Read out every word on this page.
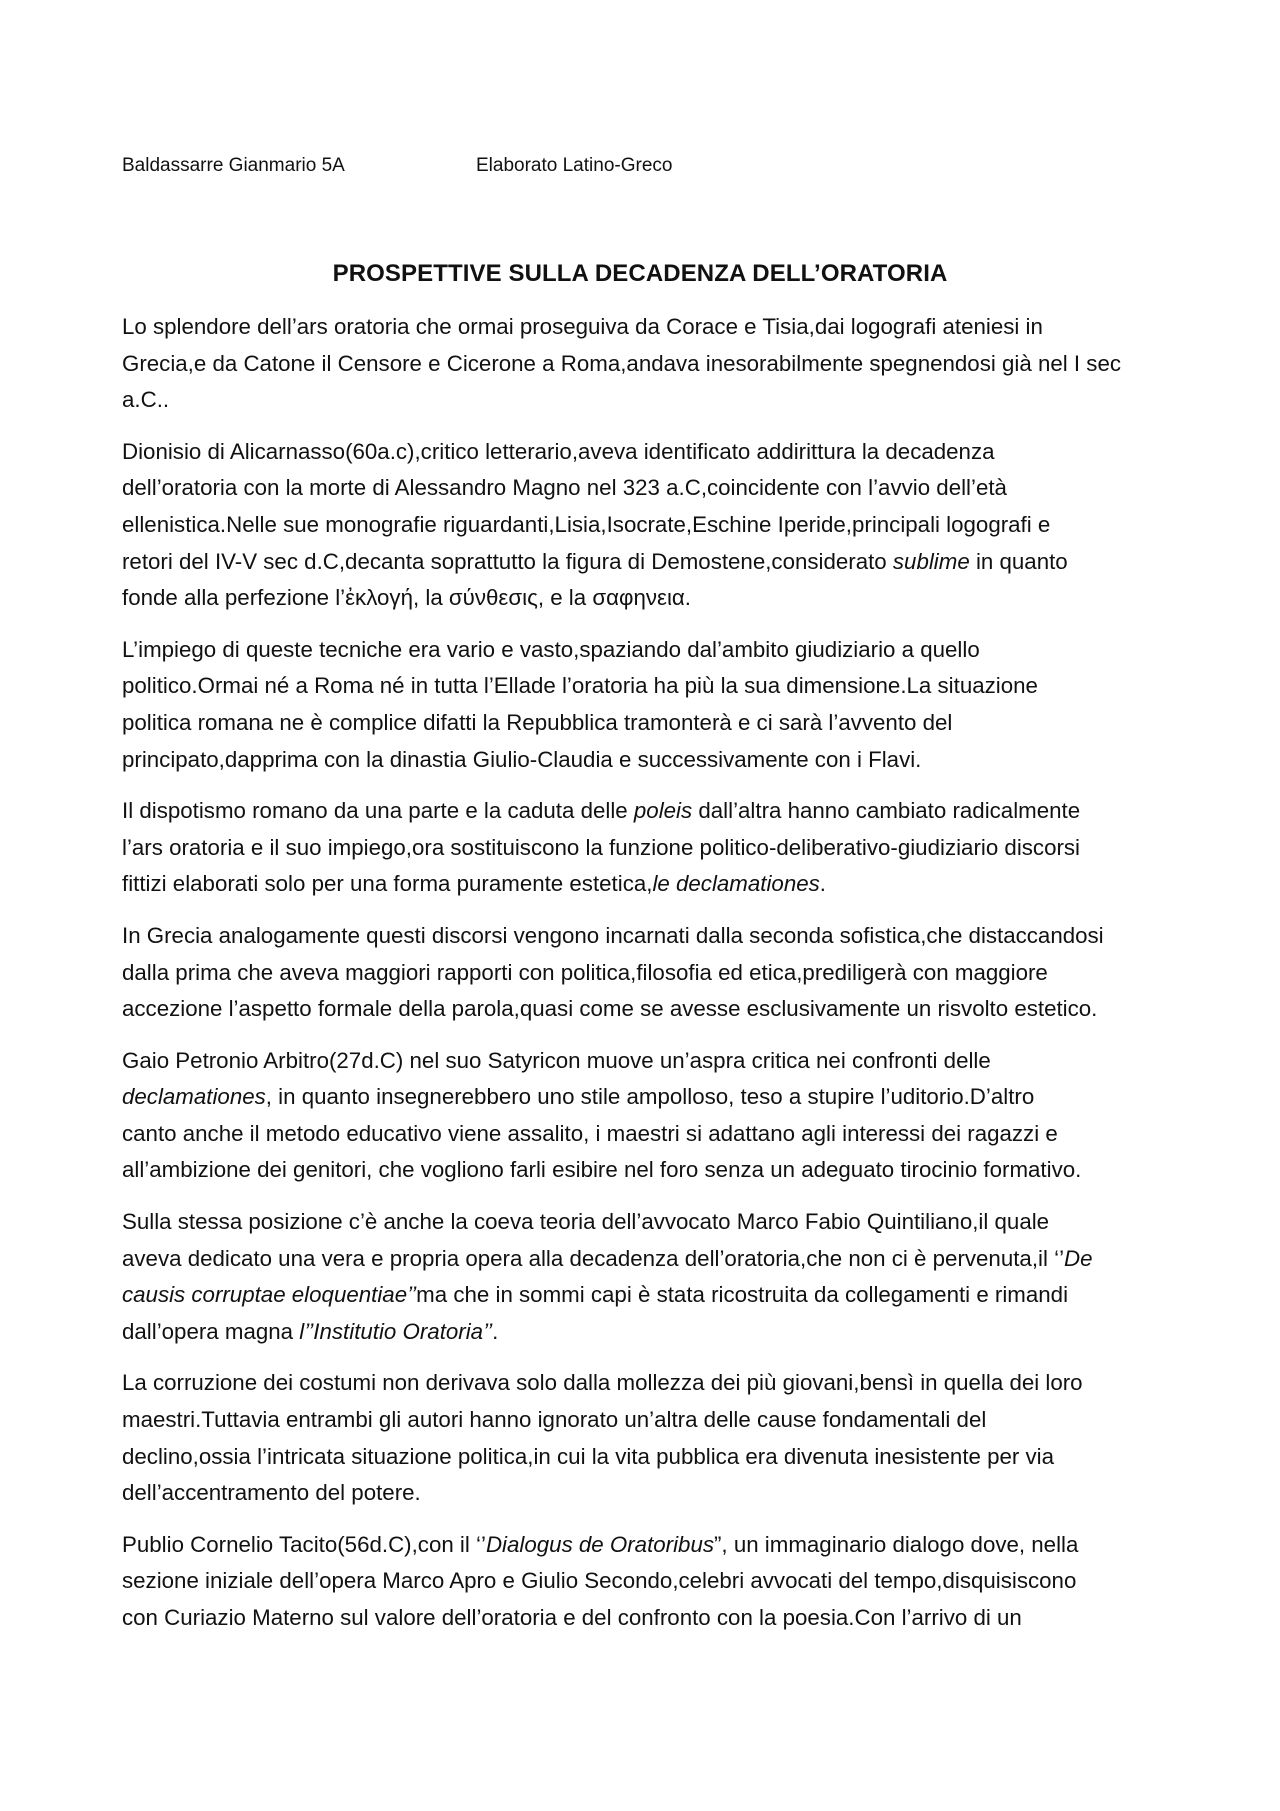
Baldassarre Gianmario 5A	Elaborato Latino-Greco
PROSPETTIVE SULLA DECADENZA DELL’ORATORIA

Lo splendore dell’ars oratoria che ormai proseguiva da Corace e Tisia,dai logografi ateniesi in
Grecia,e da Catone il Censore e Cicerone a Roma,andava inesorabilmente spegnendosi già nel I sec
a.C..

Dionisio di Alicarnasso(60a.c),critico letterario,aveva identificato addirittura la decadenza
dell’oratoria con la morte di Alessandro Magno nel 323 a.C,coincidente con l’avvio dell’età
ellenistica.Nelle sue monografie riguardanti,Lisia,Isocrate,Eschine Iperide,principali logografi e
retori del IV-V sec d.C,decanta soprattutto la figura di Demostene,considerato sublime in quanto
fonde alla perfezione l’ἐκλογή, la σύνθεσις, e la σαφηνεια.

L’impiego di queste tecniche era vario e vasto,spaziando dal’ambito giudiziario a quello
politico.Ormai né a Roma né in tutta l’Ellade l’oratoria ha più la sua dimensione.La situazione
politica romana ne è complice difatti la Repubblica tramonterà e ci sarà l’avvento del
principato,dapprima con la dinastia Giulio-Claudia e successivamente con i Flavi.

Il dispotismo romano da una parte e la caduta delle poleis dall’altra hanno cambiato radicalmente
l’ars oratoria e il suo impiego,ora sostituiscono la funzione politico-deliberativo-giudiziario discorsi
fittizi elaborati solo per una forma puramente estetica,le declamationes.

In Grecia analogamente questi discorsi vengono incarnati dalla seconda sofistica,che distaccandosi
dalla prima che aveva maggiori rapporti con politica,filosofia ed etica,prediligerà con maggiore
accezione l’aspetto formale della parola,quasi come se avesse esclusivamente un risvolto estetico.

Gaio Petronio Arbitro(27d.C) nel suo Satyricon muove un’aspra critica nei confronti delle
declamationes, in quanto insegnerebbero uno stile ampolloso, teso a stupire l’uditorio.D’altro
canto anche il metodo educativo viene assalito, i maestri si adattano agli interessi dei ragazzi e
all’ambizione dei genitori, che vogliono farli esibire nel foro senza un adeguato tirocinio formativo.

Sulla stessa posizione c’è anche la coeva teoria dell’avvocato Marco Fabio Quintiliano,il quale
aveva dedicato una vera e propria opera alla decadenza dell’oratoria,che non ci è pervenuta,il ‘’De
causis corruptae eloquentiae’’ma che in sommi capi è stata ricostruita da collegamenti e rimandi
dall’opera magna l’’Institutio Oratoria’’.

La corruzione dei costumi non derivava solo dalla mollezza dei più giovani,bensì in quella dei loro
maestri.Tuttavia entrambi gli autori hanno ignorato un’altra delle cause fondamentali del
declino,ossia l’intricata situazione politica,in cui la vita pubblica era divenuta inesistente per via
dell’accentramento del potere.

Publio Cornelio Tacito(56d.C),con il ‘’Dialogus de Oratoribus”, un immaginario dialogo dove, nella
sezione iniziale dell’opera Marco Apro e Giulio Secondo,celebri avvocati del tempo,disquisiscono
con Curiazio Materno sul valore dell’oratoria e del confronto con la poesia.Con l’arrivo di un
